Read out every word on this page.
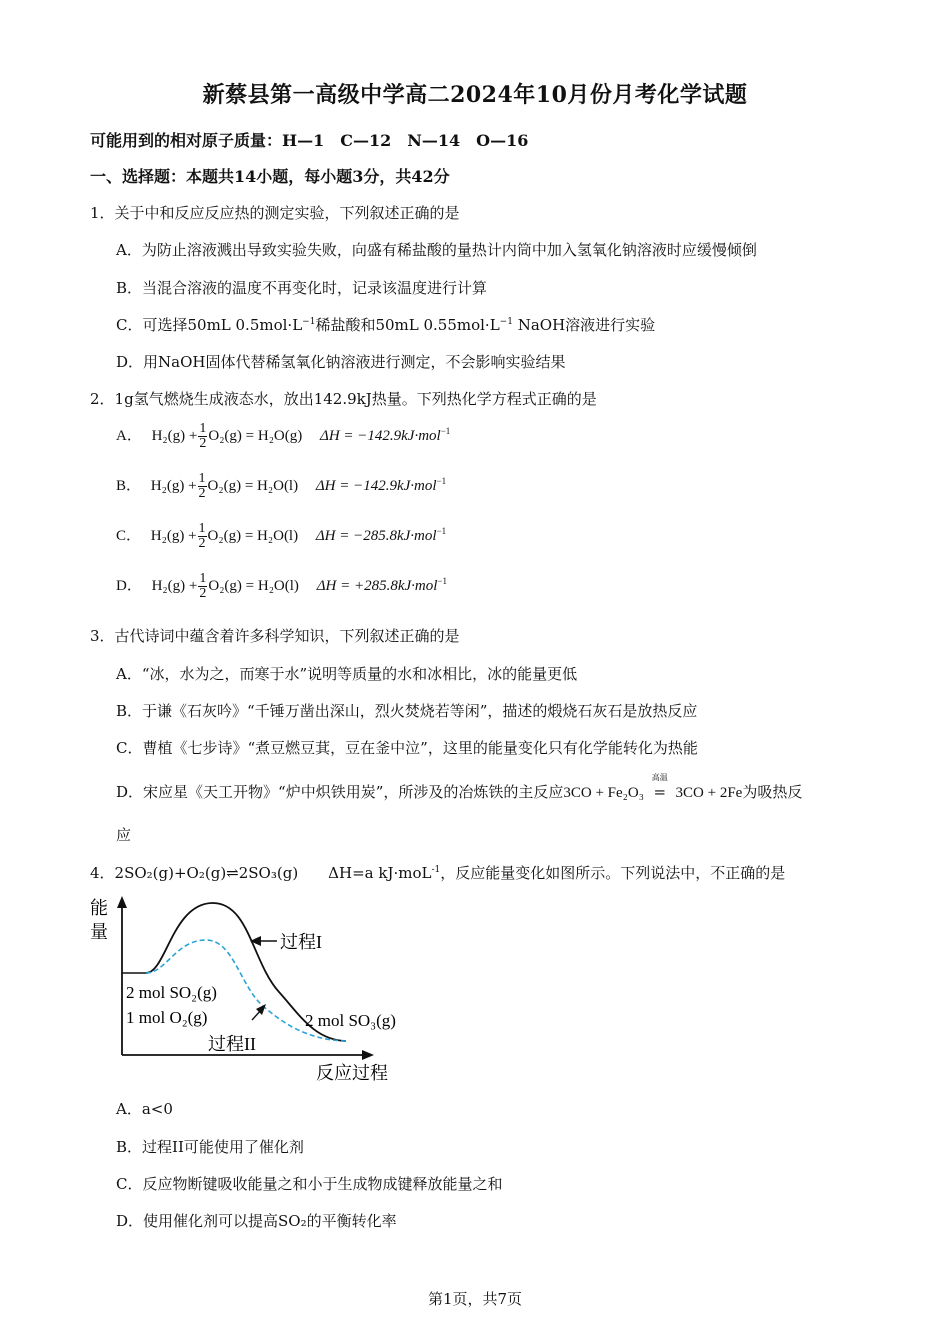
新蔡县第一高级中学高二2024年10月份月考化学试题
可能用到的相对原子质量：H—1　C—12　N—14　O—16
一、选择题：本题共14小题，每小题3分，共42分
1．关于中和反应反应热的测定实验，下列叙述正确的是
A．为防止溶液溅出导致实验失败，向盛有稀盐酸的量热计内筒中加入氢氧化钠溶液时应缓慢倾倒
B．当混合溶液的温度不再变化时，记录该温度进行计算
C．可选择50mL $0.5mol\cdot L^{-1}$稀盐酸和50mL $0.55mol\cdot L^{-1}$ NaOH溶液进行实验
D．用NaOH固体代替稀氢氧化钠溶液进行测定，不会影响实验结果
2．1g氢气燃烧生成液态水，放出142.9kJ热量。下列热化学方程式正确的是
A． $H_2(g) + \frac{1}{2} O_2(g) = H_2O(g) \Delta H = -142.9kJ\cdot mol^{-1}$
B． $H_2(g) + \frac{1}{2} O_2(g) = H_2O(l) \Delta H = -142.9kJ\cdot mol^{-1}$
C． $H_2(g) + \frac{1}{2} O_2(g) = H_2O(l) \Delta H = -285.8kJ\cdot mol^{-1}$
D． $H_2(g) + \frac{1}{2} O_2(g) = H_2O(l) \Delta H = +285.8kJ\cdot mol^{-1}$
3．古代诗词中蕴含着许多科学知识，下列叙述正确的是
A．“冰，水为之，而寒于水”说明等质量的水和冰相比，冰的能量更低
B．于谦《石灰吟》“千锤万凿出深山，烈火焚烧若等闲”，描述的煅烧石灰石是放热反应
C．曹植《七步诗》“煮豆燃豆萁，豆在釜中泣”，这里的能量变化只有化学能转化为热能
D．宋应星《天工开物》“炉中炽铁用炭”，所涉及的冶炼铁的主反应3CO + Fe₂O₃
高温
= 3CO + 2Fe为吸热反
应
4．2SO₂(g)+O₂(g)⇌2SO₃(g)　　ΔH=a kJ·moL$^{-1}$，反应能量变化如图所示。下列说法中，不正确的是
能
量
反应过程
过程I
过程II
2 mol SO₂(g)
1 mol O₂(g)	2 mol SO₃(g)
A．a<0
B．过程II可能使用了催化剂
C．反应物断键吸收能量之和小于生成物成键释放能量之和
D．使用催化剂可以提高SO₂的平衡转化率
第1页，共7页
